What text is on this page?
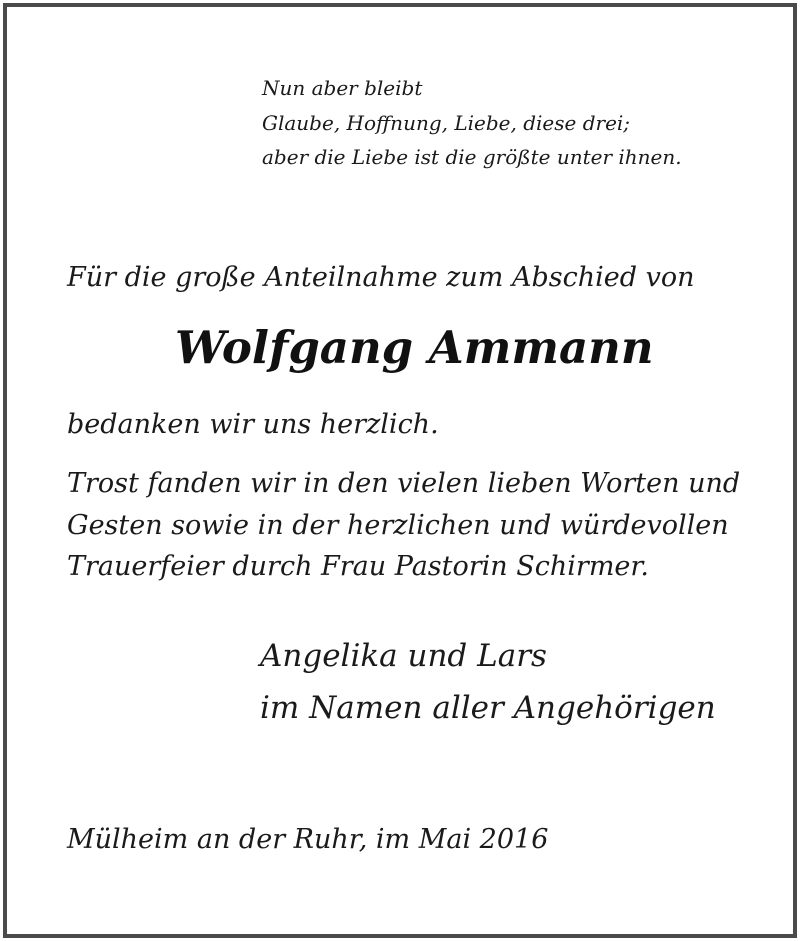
Nun aber bleibt

Glaube, Hoffnung, Liebe, diese drei;

aber die Liebe ist die größte unter ihnen.

Für die große Anteilnahme zum Abschied von

Wolfgang Ammann

bedanken wir uns herzlich.

Trost fanden wir in den vielen lieben Worten und

Gesten sowie in der herzlichen und würdevollen

Trauerfeier durch Frau Pastorin Schirmer.

Angelika und Lars

im Namen aller Angehörigen

Mülheim an der Ruhr, im Mai 2016
